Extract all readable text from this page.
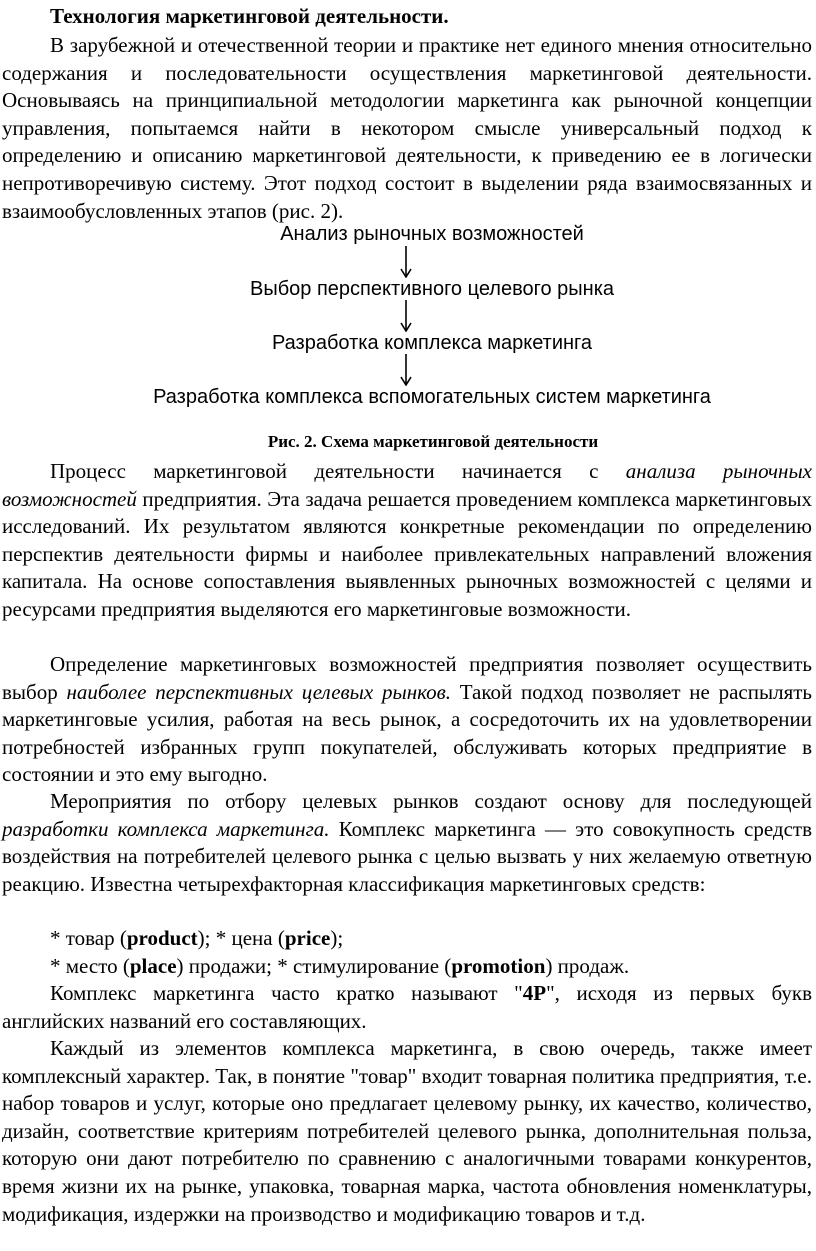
Технология маркетинговой деятельности.
В зарубежной и отечественной теории и практике нет единого мнения относительно содержания и последовательности осуществления маркетинговой деятельности. Основываясь на принципиальной методологии маркетинга как рыночной концепции управления, попытаемся найти в некотором смысле универсальный подход к определению и описанию маркетинговой деятельности, к приведению ее в логически непротиворечивую систему. Этот подход состоит в выделении ряда взаимосвязанных и взаимообусловленных этапов (рис. 2).
Анализ рыночных возможностей
Выбор перспективного целевого рынка
Разработка комплекса маркетинга
Разработка комплекса вспомогательных систем маркетинга
Рис. 2. Схема маркетинговой деятельности
Процесс маркетинговой деятельности начинается с анализа рыночных возможностей предприятия. Эта задача решается проведением комплекса маркетинговых исследований. Их результатом являются конкретные рекомендации по определению перспектив деятельности фирмы и наиболее привлекательных направлений вложения капитала. На основе сопоставления выявленных рыночных возможностей с целями и ресурсами предприятия выделяются его маркетинговые возможности.
Определение маркетинговых возможностей предприятия позволяет осуществить выбор наиболее перспективных целевых рынков. Такой подход позволяет не распылять маркетинговые усилия, работая на весь рынок, а сосредоточить их на удовлетворении потребностей избранных групп покупателей, обслуживать которых предприятие в состоянии и это ему выгодно.
Мероприятия по отбору целевых рынков создают основу для последующей разработки комплекса маркетинга. Комплекс маркетинга — это совокупность средств воздействия на потребителей целевого рынка с целью вызвать у них желаемую ответную реакцию. Известна четырехфакторная классификация маркетинговых средств:
* товар (product); * цена (price);
* место (place) продажи; * стимулирование (promotion) продаж.
Комплекс маркетинга часто кратко называют "4P", исходя из первых букв английских названий его составляющих.
Каждый из элементов комплекса маркетинга, в свою очередь, также имеет комплексный характер. Так, в понятие "товар" входит товарная политика предприятия, т.е. набор товаров и услуг, которые оно предлагает целевому рынку, их качество, количество, дизайн, соответствие критериям потребителей целевого рынка, дополнительная польза, которую они дают потребителю по сравнению с аналогичными товарами конкурентов, время жизни их на рынке, упаковка, товарная марка, частота обновления номенклатуры, модификация, издержки на производство и модификацию товаров и т.д.
